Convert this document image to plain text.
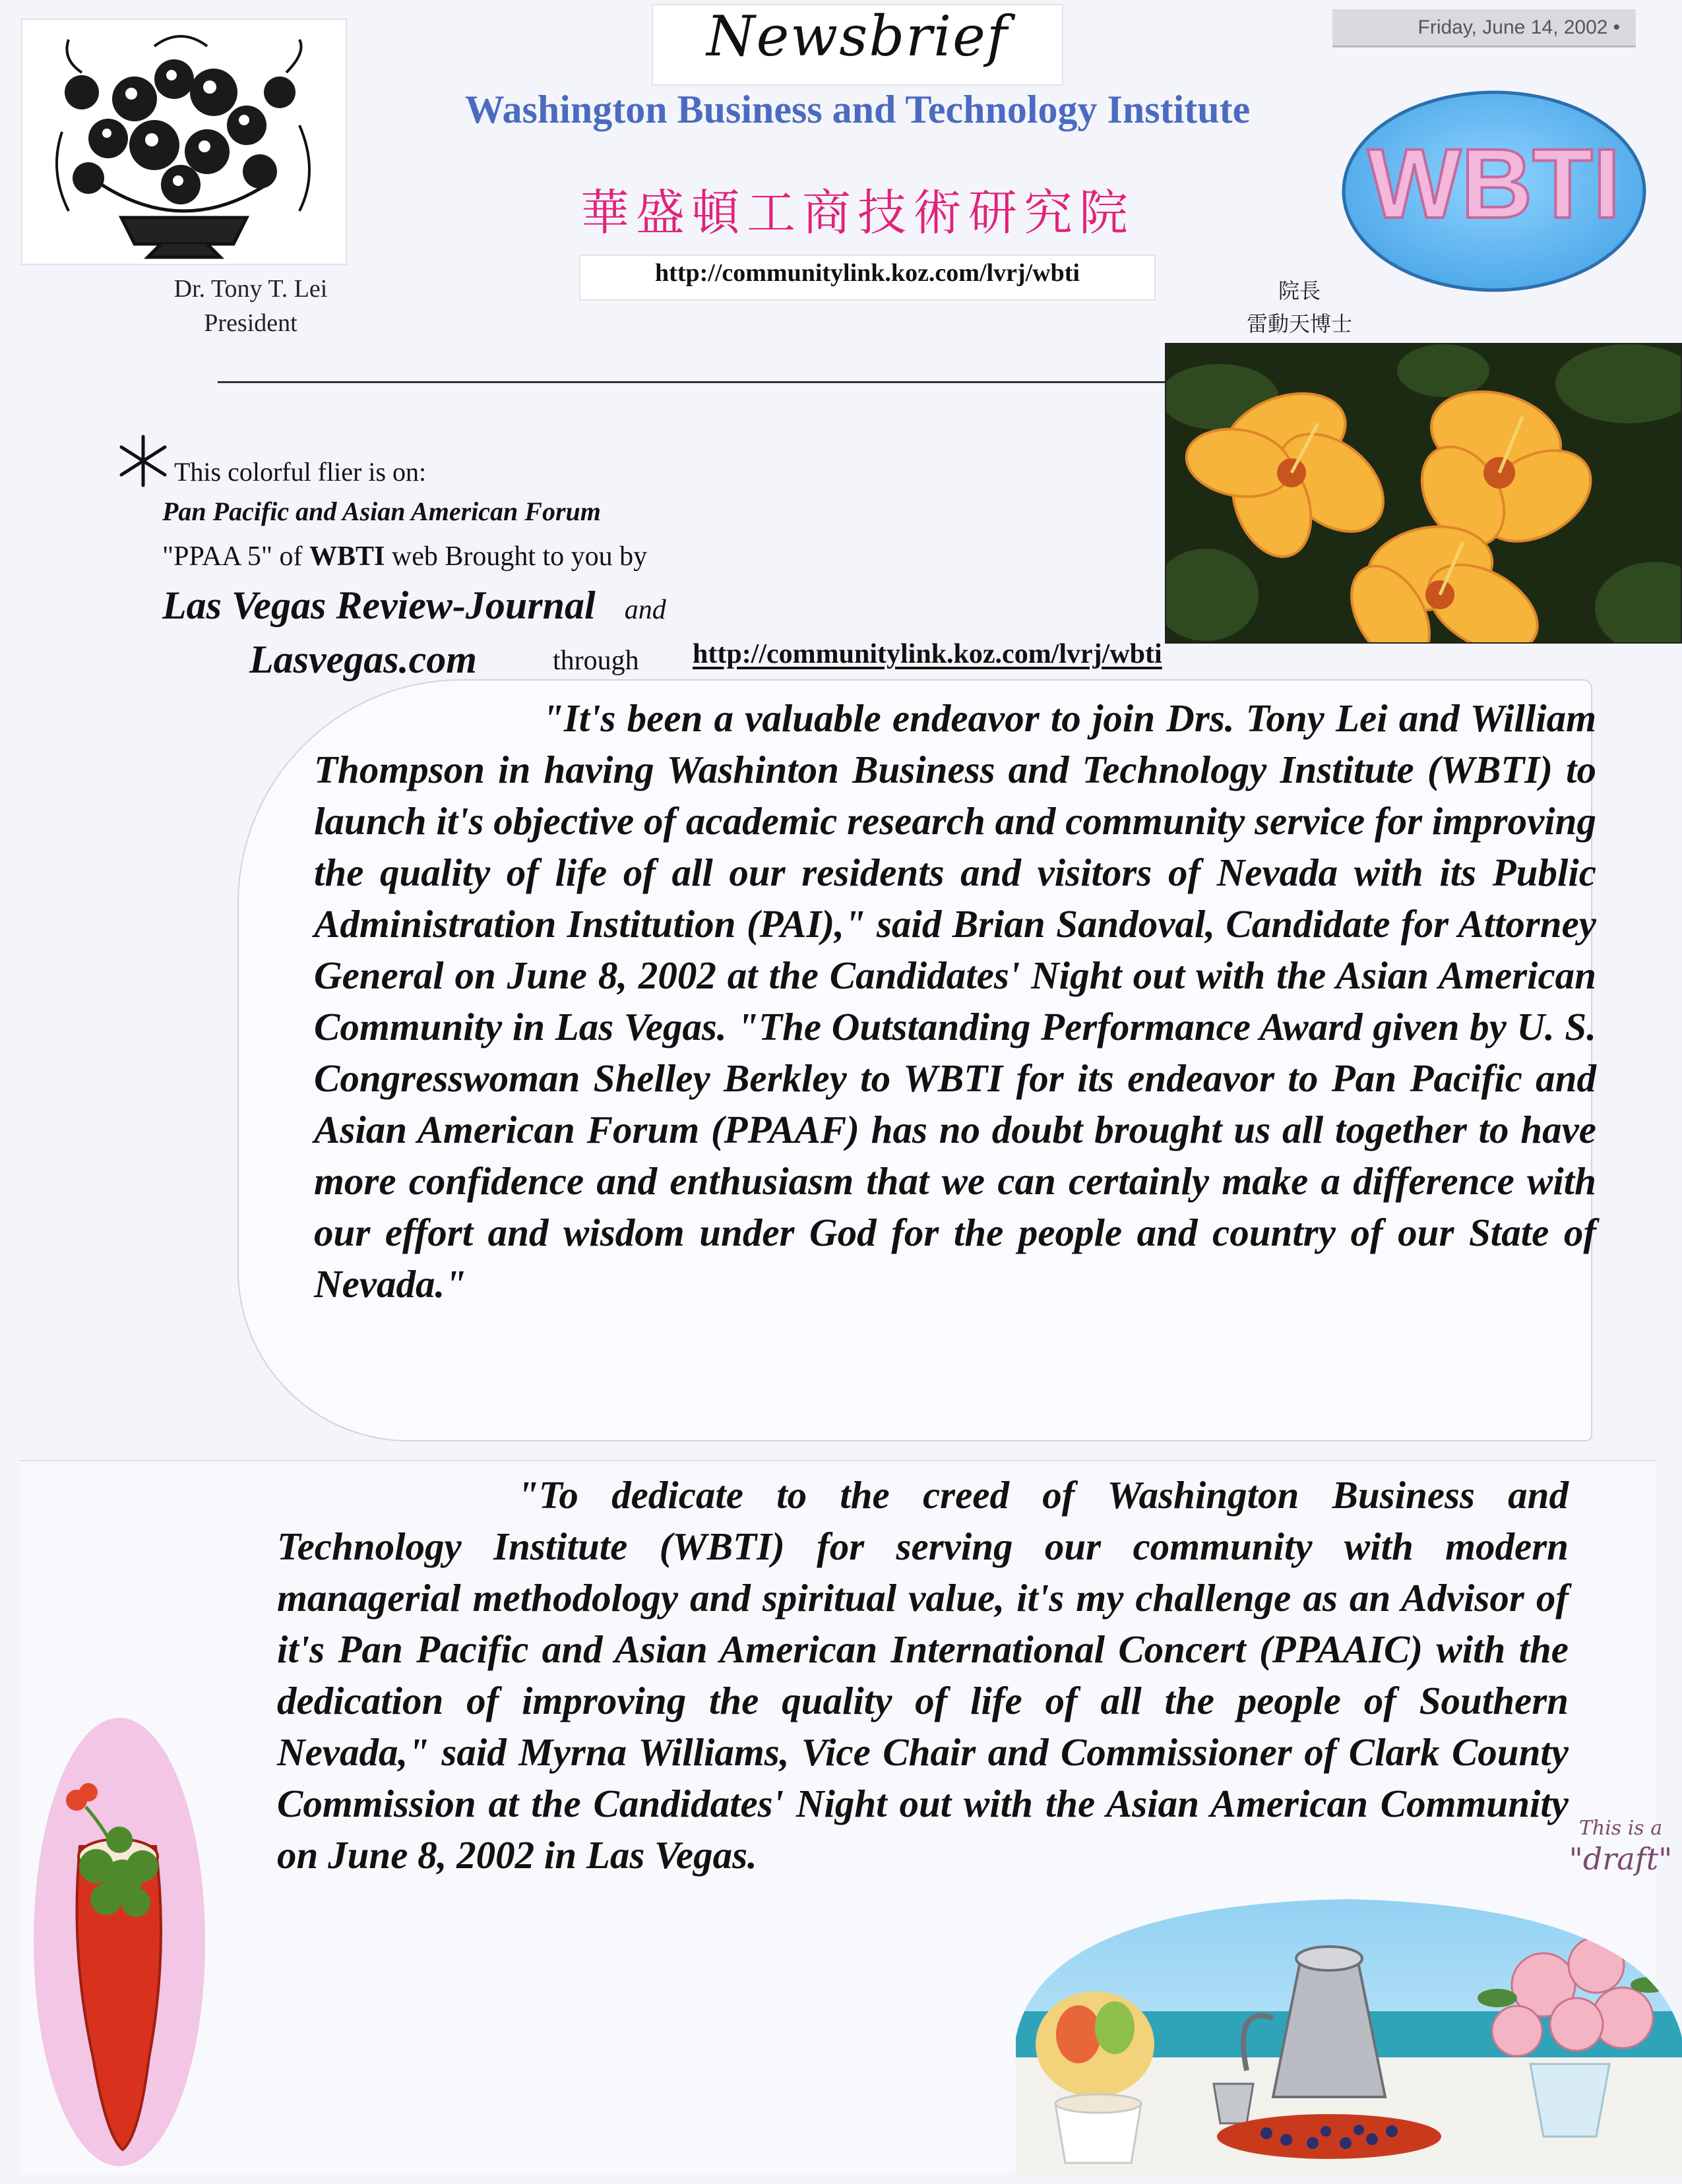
Friday, June 14, 2002 •
Dr. Tony T. Lei
President
Newsbrief
Washington Business and Technology Institute
華盛頓工商技術研究院
http://communitylink.koz.com/lvrj/wbti
WBTI
院長
雷動天博士
This colorful flier is on:
Pan Pacific and Asian American Forum
"PPAA 5" of WBTI web Brought to you by
Las Vegas Review-Journal and
Lasvegas.com	through http://communitylink.koz.com/lvrj/wbti
"It's been a valuable endeavor to join Drs. Tony Lei and William Thompson in having Washinton Business and Technology Institute (WBTI) to launch it's objective of academic research and community service for improving the quality of life of all our residents and visitors of Nevada with its Public Administration Institution (PAI)," said Brian Sandoval, Candidate for Attorney General on June 8, 2002 at the Candidates' Night out with the Asian American Community in Las Vegas. "The Outstanding Performance Award given by U. S. Congresswoman Shelley Berkley to WBTI for its endeavor to Pan Pacific and Asian American Forum (PPAAF) has no doubt brought us all together to have more confidence and enthusiasm that we can certainly make a difference with our effort and wisdom under God for the people and country of our State of Nevada."
"To dedicate to the creed of Washington Business and Technology Institute (WBTI) for serving our community with modern managerial methodology and spiritual value, it's my challenge as an Advisor of it's Pan Pacific and Asian American International Concert (PPAAIC) with the dedication of improving the quality of life of all the people of Southern Nevada," said Myrna Williams, Vice Chair and Commissioner of Clark County Commission at the Candidates' Night out with the Asian American Community on June 8, 2002 in Las Vegas.
This is a
"draft"
